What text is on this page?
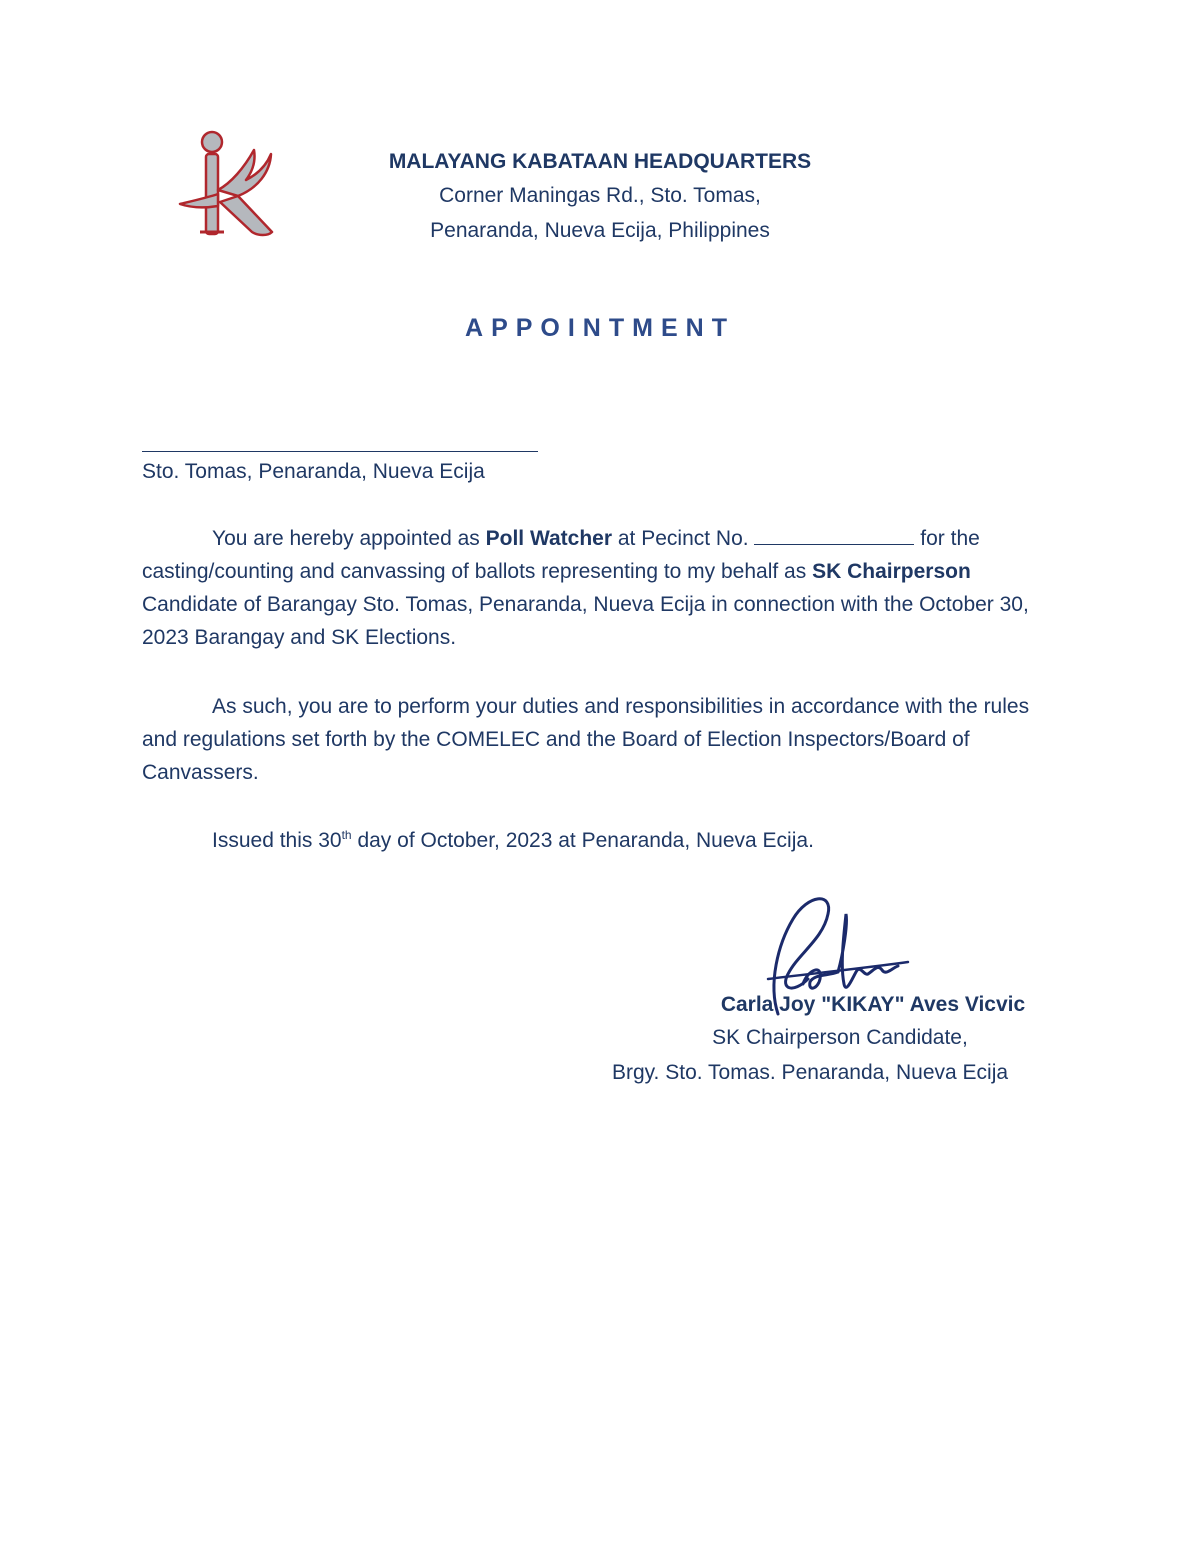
MALAYANG KABATAAN HEADQUARTERS
Corner Maningas Rd., Sto. Tomas,
Penaranda, Nueva Ecija, Philippines
APPOINTMENT
Sto. Tomas, Penaranda, Nueva Ecija
You are hereby appointed as Poll Watcher at Pecinct No.	for the casting/counting and canvassing of ballots representing to my behalf as SK Chairperson Candidate of Barangay Sto. Tomas, Penaranda, Nueva Ecija in connection with the October 30, 2023 Barangay and SK Elections.
As such, you are to perform your duties and responsibilities in accordance with the rules and regulations set forth by the COMELEC and the Board of Election Inspectors/Board of Canvassers.
Issued this 30th day of October, 2023 at Penaranda, Nueva Ecija.
Carla Joy "KIKAY" Aves Vicvic
SK Chairperson Candidate,
Brgy. Sto. Tomas. Penaranda, Nueva Ecija
